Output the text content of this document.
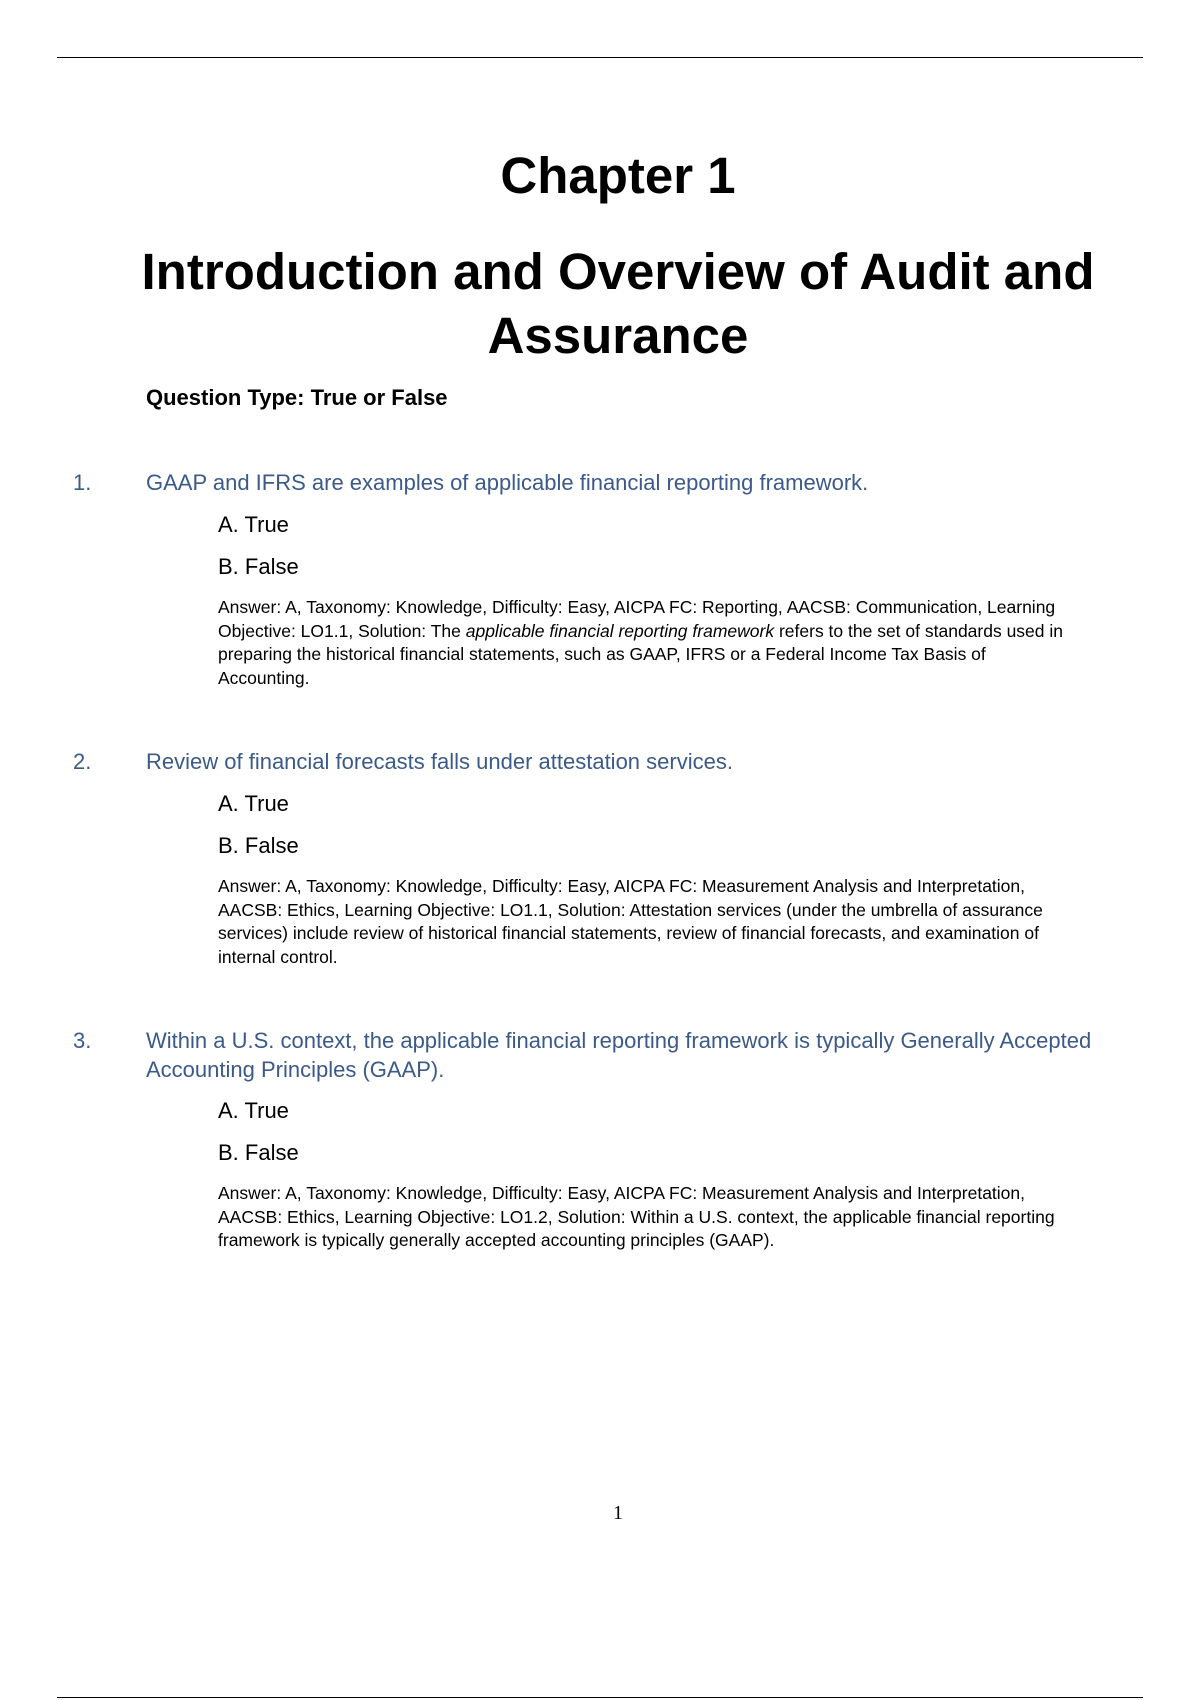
Chapter 1
Introduction and Overview of Audit and Assurance

Question Type: True or False

1. GAAP and IFRS are examples of applicable financial reporting framework.

A. True

B. False

Answer: A, Taxonomy: Knowledge, Difficulty: Easy, AICPA FC: Reporting, AACSB: Communication, Learning Objective: LO1.1, Solution: The applicable financial reporting framework refers to the set of standards used in preparing the historical financial statements, such as GAAP, IFRS or a Federal Income Tax Basis of Accounting.

2. Review of financial forecasts falls under attestation services.

A. True

B. False

Answer: A, Taxonomy: Knowledge, Difficulty: Easy, AICPA FC: Measurement Analysis and Interpretation, AACSB: Ethics, Learning Objective: LO1.1, Solution: Attestation services (under the umbrella of assurance services) include review of historical financial statements, review of financial forecasts, and examination of internal control.

3. Within a U.S. context, the applicable financial reporting framework is typically Generally Accepted Accounting Principles (GAAP).

A. True

B. False

Answer: A, Taxonomy: Knowledge, Difficulty: Easy, AICPA FC: Measurement Analysis and Interpretation, AACSB: Ethics, Learning Objective: LO1.2, Solution: Within a U.S. context, the applicable financial reporting framework is typically generally accepted accounting principles (GAAP).

1
